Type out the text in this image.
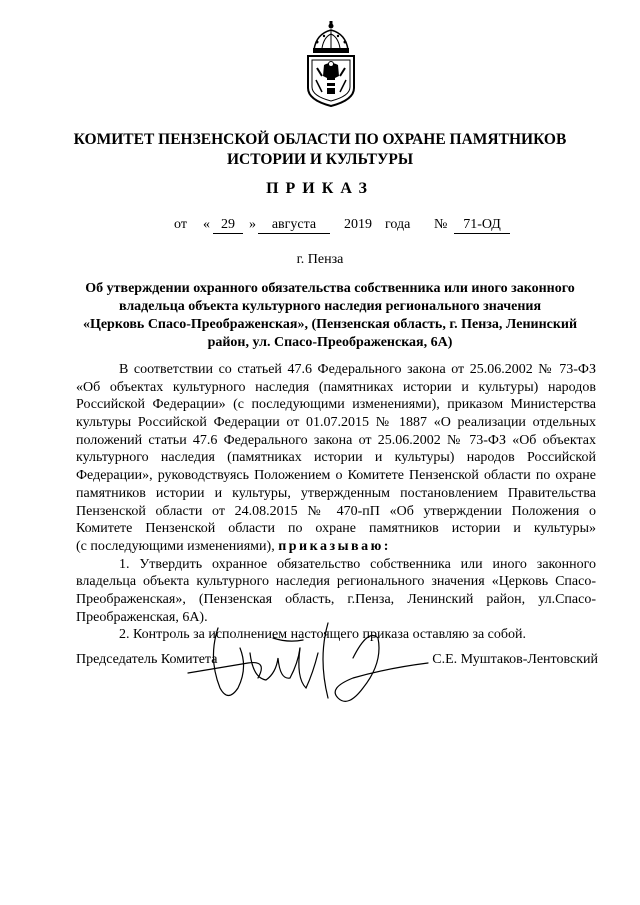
КОМИТЕТ ПЕНЗЕНСКОЙ ОБЛАСТИ ПО ОХРАНЕ ПАМЯТНИКОВ
ИСТОРИИ И КУЛЬТУРЫ
ПРИКАЗ
от « 29	»	августа	2019 года №	71-ОД
г. Пенза
Об утверждении охранного обязательства собственника или иного законного
владельца объекта культурного наследия регионального значения
«Церковь Спасо-Преображенская», (Пензенская область, г. Пенза, Ленинский
район, ул. Спасо-Преображенская, 6А)
В соответствии со статьей 47.6 Федерального закона от 25.06.2002 № 73-ФЗ
«Об объектах культурного наследия (памятниках истории и культуры) народов
Российской Федерации» (с последующими изменениями), приказом Министерства
культуры Российской Федерации от 01.07.2015 № 1887 «О реализации отдельных
положений статьи 47.6 Федерального закона от 25.06.2002 № 73-ФЗ «Об объектах
культурного наследия (памятниках истории и культуры) народов Российской
Федерации», руководствуясь Положением о Комитете Пензенской области по охране
памятников истории и культуры, утвержденным постановлением Правительства
Пензенской области от 24.08.2015 № 470-пП «Об утверждении Положения о
Комитете Пензенской области по охране памятников истории и культуры»
(с последующими изменениями), приказываю:
1. Утвердить охранное обязательство собственника или иного законного
владельца объекта культурного наследия регионального значения «Церковь Спасо-
Преображенская», (Пензенская область, г.Пенза, Ленинский район, ул.Спасо-
Преображенская, 6А).
2. Контроль за исполнением настоящего приказа оставляю за собой.
Председатель Комитета	С.Е. Муштаков-Лентовский
